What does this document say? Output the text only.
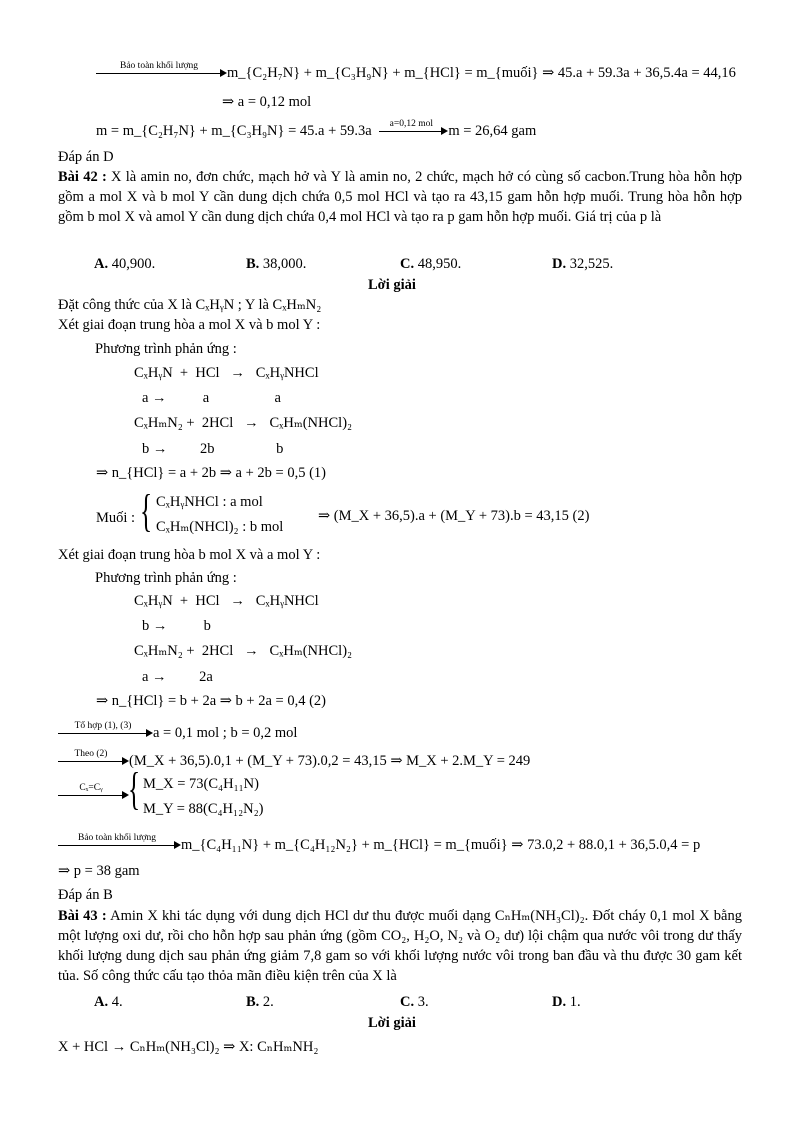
Bảo toàn khối lượng	m_{C₂H₇N} + m_{C₃H₉N} + m_{HCl} = m_{muối} ⇒ 45.a + 59.3a + 36,5.4a = 44,16
⇒ a = 0,12 mol
m = m_{C₂H₇N} + m_{C₃H₉N} = 45.a + 59.3a	a=0,12 mol	m = 26,64 gam
Đáp án D
Bài 42 : X là amin no, đơn chức, mạch hở và Y là amin no, 2 chức, mạch hở có cùng số cacbon.Trung hòa hỗn hợp gồm a mol X và b mol Y cần dung dịch chứa 0,5 mol HCl và tạo ra 43,15 gam hỗn hợp muối. Trung hòa hỗn hợp gồm b mol X và amol Y cần dung dịch chứa 0,4 mol HCl và tạo ra p gam hỗn hợp muối. Giá trị của p là
A. 40,900.	B. 38,000.	C. 48,950.	D. 32,525.
Lời giải
Đặt công thức của X là CₓHᵧN ; Y là CₓHₘN₂
Xét giai đoạn trung hòa a mol X và b mol Y :
Phương trình phản ứng :
CₓHᵧN  +  HCl   →   CₓHᵧNHCl
a →          a                  a
CₓHₘN₂ +  2HCl   →   CₓHₘ(NHCl)₂
b →         2b                 b
⇒ n_{HCl} = a + 2b ⇒ a + 2b = 0,5 (1)
Muối : { CₓHᵧNHCl : a mol
CₓHₘ(NHCl)₂ : b mol
⇒ (M_X + 36,5).a + (M_Y + 73).b = 43,15 (2)
Xét giai đoạn trung hòa b mol X và a mol Y :
Phương trình phản ứng :
CₓHᵧN  +  HCl   →   CₓHᵧNHCl
b →          b
CₓHₘN₂ +  2HCl   →   CₓHₘ(NHCl)₂
a →         2a
⇒ n_{HCl} = b + 2a ⇒ b + 2a = 0,4 (2)
Tổ hợp (1), (3)	a = 0,1 mol ; b = 0,2 mol
Theo (2)	(M_X + 36,5).0,1 + (M_Y + 73).0,2 = 43,15 ⇒ M_X + 2.M_Y = 249
Cₓ=Cᵧ { M_X = 73(C₄H₁₁N)
M_Y = 88(C₄H₁₂N₂)
Bảo toàn khối lượng	m_{C₄H₁₁N} + m_{C₄H₁₂N₂} + m_{HCl} = m_{muối} ⇒ 73.0,2 + 88.0,1 + 36,5.0,4 = p
⇒ p = 38 gam
Đáp án B
Bài 43 : Amin X khi tác dụng với dung dịch HCl dư thu được muối dạng CₙHₘ(NH₃Cl)₂. Đốt cháy 0,1 mol X bằng một lượng oxi dư, rồi cho hỗn hợp sau phản ứng (gồm CO₂, H₂O, N₂ và O₂ dư) lội chậm qua nước vôi trong dư thấy khối lượng dung dịch sau phản ứng giảm 7,8 gam so với khối lượng nước vôi trong ban đầu và thu được 30 gam kết tủa. Số công thức cấu tạo thỏa mãn điều kiện trên của X là
A. 4.	B. 2.	C. 3.	D. 1.
Lời giải
X + HCl → CₙHₘ(NH₃Cl)₂ ⇒ X: CₙHₘNH₂
